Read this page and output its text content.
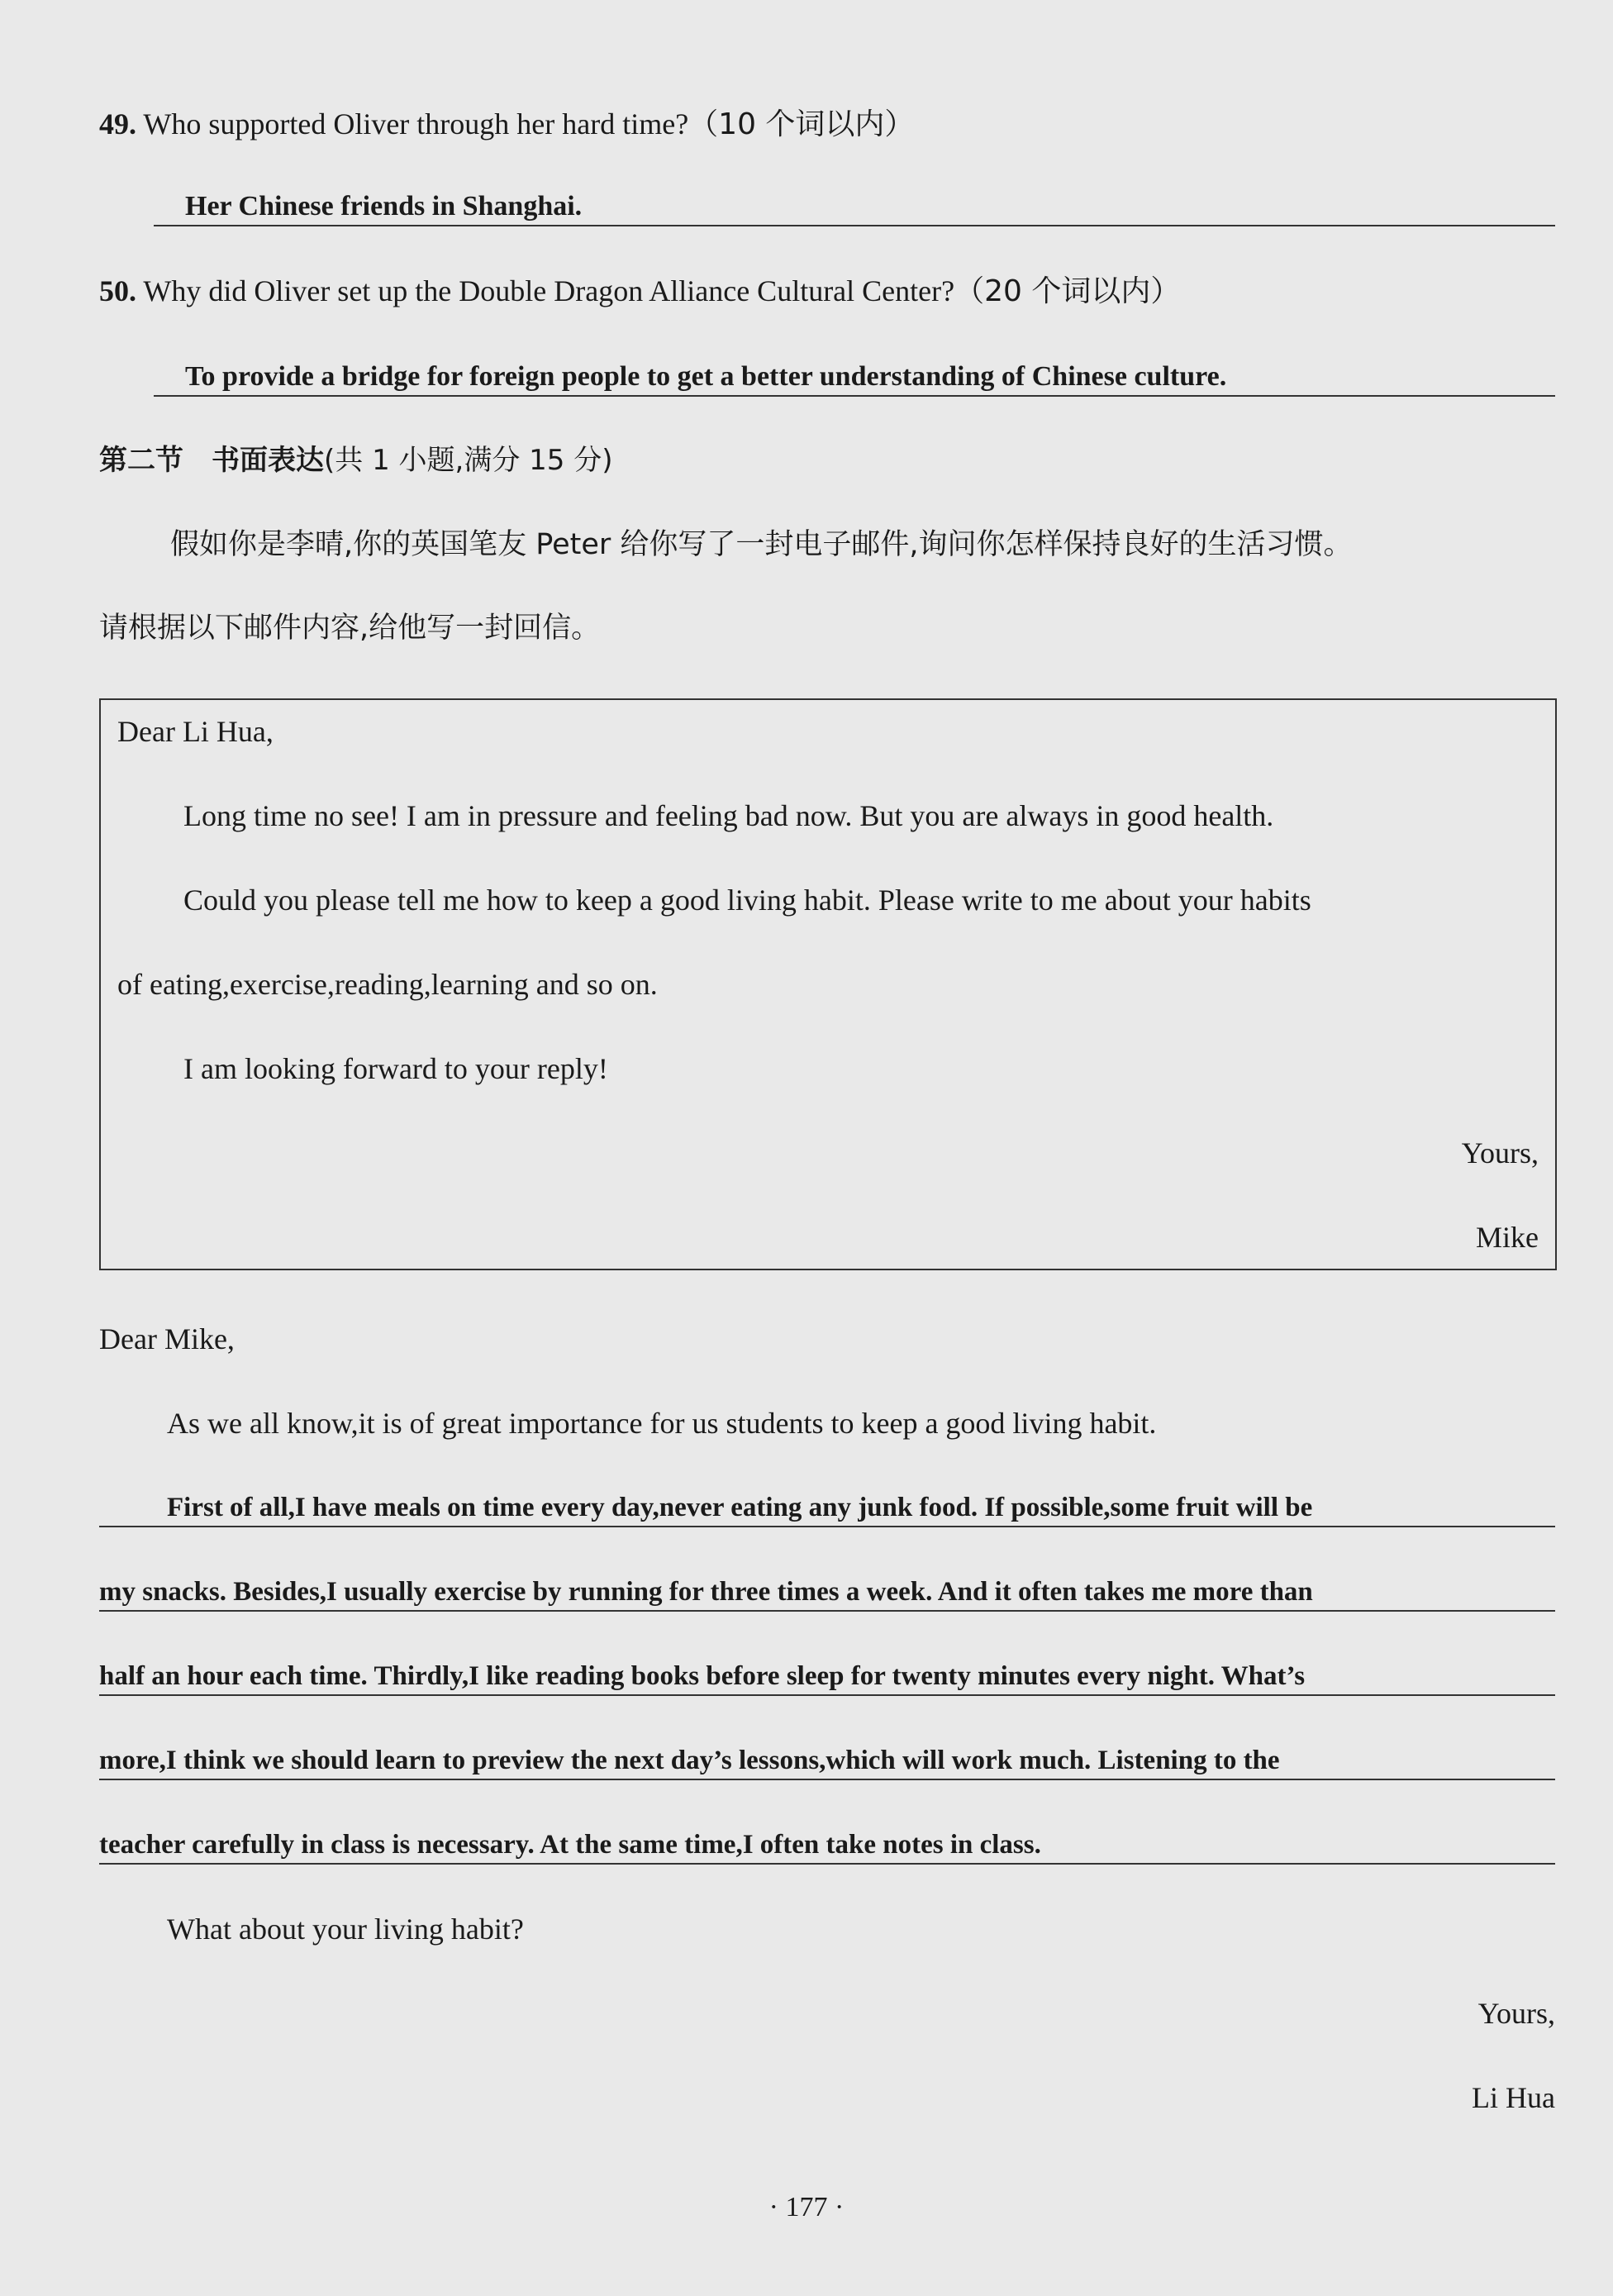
49. Who supported Oliver through her hard time?（10 个词以内）
Her Chinese friends in Shanghai.
50. Why did Oliver set up the Double Dragon Alliance Cultural Center?（20 个词以内）
To provide a bridge for foreign people to get a better understanding of Chinese culture.
第二节　书面表达(共 1 小题,满分 15 分)
假如你是李晴,你的英国笔友 Peter 给你写了一封电子邮件,询问你怎样保持良好的生活习惯。
请根据以下邮件内容,给他写一封回信。
Dear Li Hua,
Long time no see! I am in pressure and feeling bad now. But you are always in good health.
Could you please tell me how to keep a good living habit. Please write to me about your habits
of eating,exercise,reading,learning and so on.
I am looking forward to your reply!
Yours,
Mike
Dear Mike,
As we all know,it is of great importance for us students to keep a good living habit.
First of all,I have meals on time every day,never eating any junk food. If possible,some fruit will be
my snacks. Besides,I usually exercise by running for three times a week. And it often takes me more than
half an hour each time. Thirdly,I like reading books before sleep for twenty minutes every night. What’s
more,I think we should learn to preview the next day’s lessons,which will work much. Listening to the
teacher carefully in class is necessary. At the same time,I often take notes in class.
What about your living habit?
Yours,
Li Hua
· 177 ·
